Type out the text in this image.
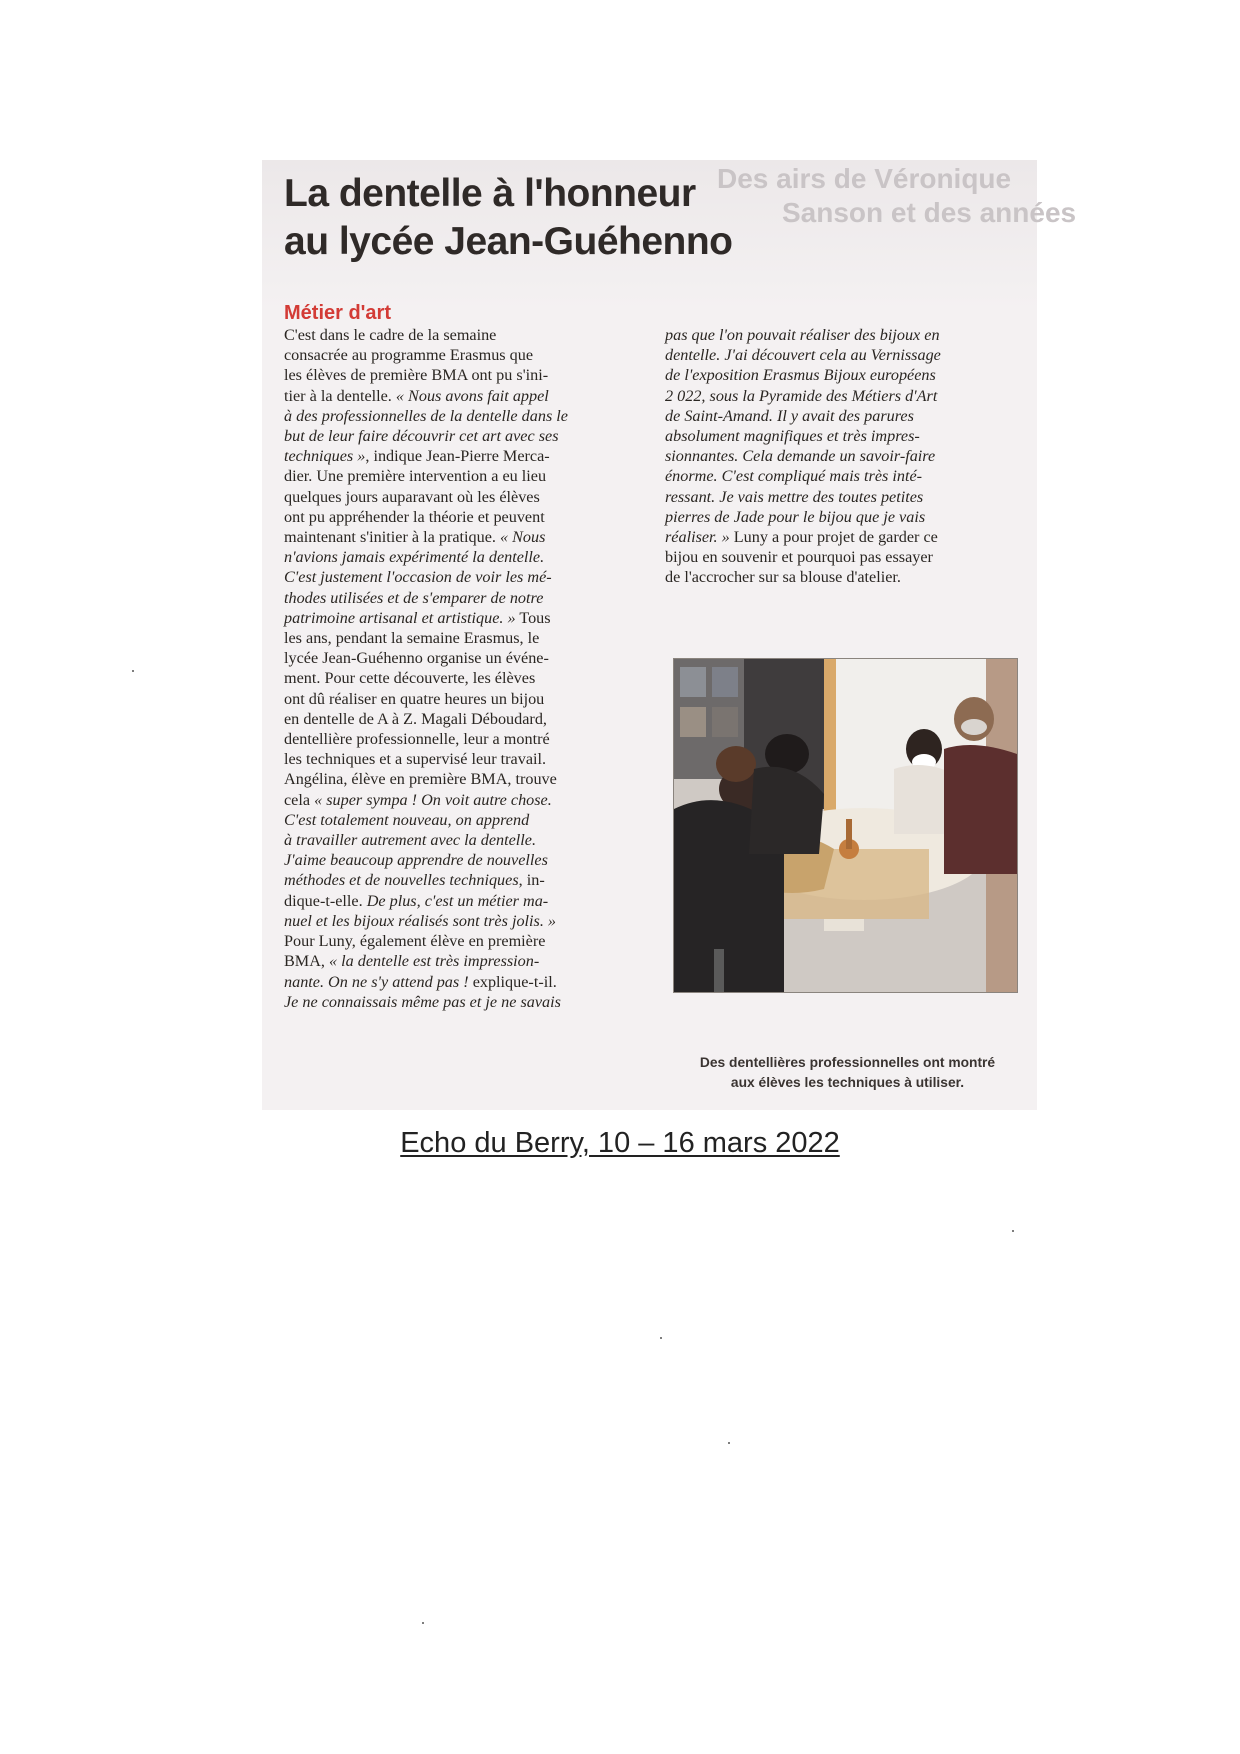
Des airs de Véronique
Sanson et des années
La dentelle à l'honneur
au lycée Jean-Guéhenno
Métier d'art

C'est dans le cadre de la semaine
consacrée au programme Erasmus que
les élèves de première BMA ont pu s'ini-
tier à la dentelle. « Nous avons fait appel
à des professionnelles de la dentelle dans le
but de leur faire découvrir cet art avec ses
techniques », indique Jean-Pierre Merca-
dier. Une première intervention a eu lieu
quelques jours auparavant où les élèves
ont pu appréhender la théorie et peuvent
maintenant s'initier à la pratique. « Nous
n'avions jamais expérimenté la dentelle.
C'est justement l'occasion de voir les mé-
thodes utilisées et de s'emparer de notre
patrimoine artisanal et artistique. » Tous
les ans, pendant la semaine Erasmus, le
lycée Jean-Guéhenno organise un événe-
ment. Pour cette découverte, les élèves
ont dû réaliser en quatre heures un bijou
en dentelle de A à Z. Magali Déboudard,
dentellière professionnelle, leur a montré
les techniques et a supervisé leur travail.
Angélina, élève en première BMA, trouve
cela « super sympa ! On voit autre chose.
C'est totalement nouveau, on apprend
à travailler autrement avec la dentelle.
J'aime beaucoup apprendre de nouvelles
méthodes et de nouvelles techniques, in-
dique-t-elle. De plus, c'est un métier ma-
nuel et les bijoux réalisés sont très jolis. »
Pour Luny, également élève en première
BMA, « la dentelle est très impression-
nante. On ne s'y attend pas ! explique-t-il.
Je ne connaissais même pas et je ne savais

pas que l'on pouvait réaliser des bijoux en
dentelle. J'ai découvert cela au Vernissage
de l'exposition Erasmus Bijoux européens
2 022, sous la Pyramide des Métiers d'Art
de Saint-Amand. Il y avait des parures
absolument magnifiques et très impres-
sionnantes. Cela demande un savoir-faire
énorme. C'est compliqué mais très inté-
ressant. Je vais mettre des toutes petites
pierres de Jade pour le bijou que je vais
réaliser. » Luny a pour projet de garder ce
bijou en souvenir et pourquoi pas essayer
de l'accrocher sur sa blouse d'atelier.

Des dentellières professionnelles ont montré
aux élèves les techniques à utiliser.

Echo du Berry, 10 – 16 mars 2022
